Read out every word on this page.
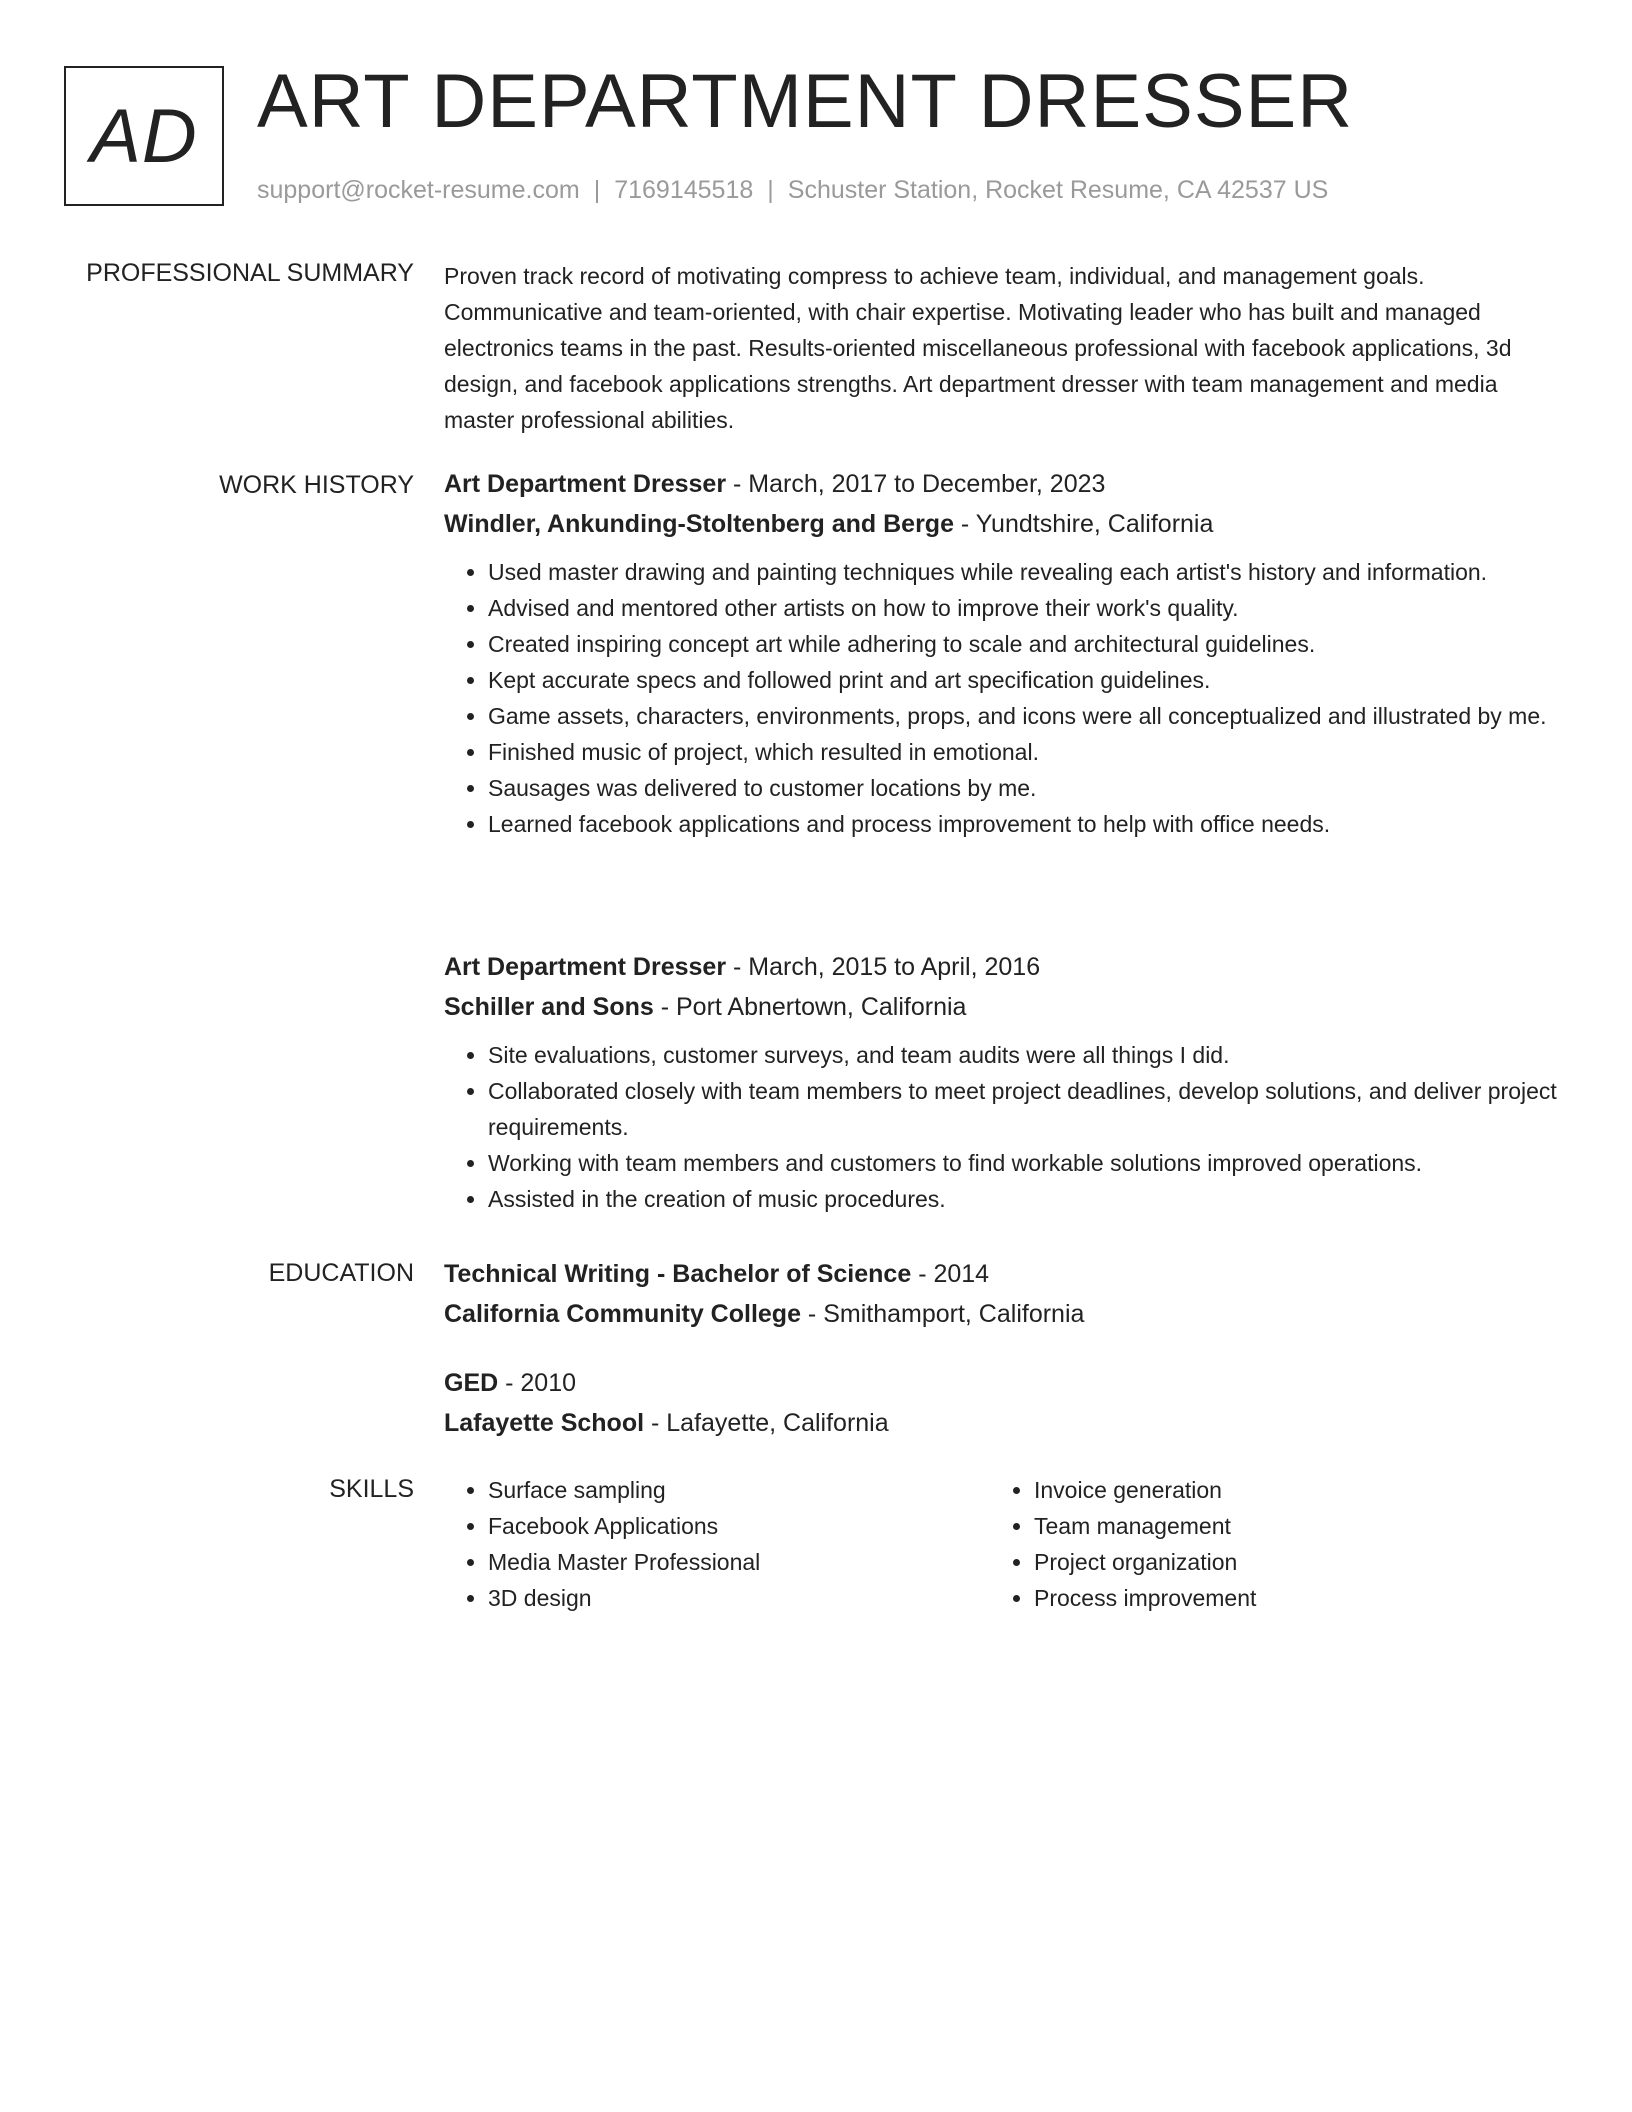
AD ART DEPARTMENT DRESSER
support@rocket-resume.com | 7169145518 | Schuster Station, Rocket Resume, CA 42537 US
PROFESSIONAL SUMMARY Proven track record of motivating compress to achieve team, individual, and management goals. Communicative and team-oriented, with chair expertise. Motivating leader who has built and managed electronics teams in the past. Results-oriented miscellaneous professional with facebook applications, 3d design, and facebook applications strengths. Art department dresser with team management and media master professional abilities.
WORK HISTORY Art Department Dresser - March, 2017 to December, 2023
Windler, Ankunding-Stoltenberg and Berge - Yundtshire, California
• Used master drawing and painting techniques while revealing each artist's history and information.
• Advised and mentored other artists on how to improve their work's quality.
• Created inspiring concept art while adhering to scale and architectural guidelines.
• Kept accurate specs and followed print and art specification guidelines.
• Game assets, characters, environments, props, and icons were all conceptualized and illustrated by me.
• Finished music of project, which resulted in emotional.
• Sausages was delivered to customer locations by me.
• Learned facebook applications and process improvement to help with office needs.
Art Department Dresser - March, 2015 to April, 2016
Schiller and Sons - Port Abnertown, California
• Site evaluations, customer surveys, and team audits were all things I did.
• Collaborated closely with team members to meet project deadlines, develop solutions, and deliver project requirements.
• Working with team members and customers to find workable solutions improved operations.
• Assisted in the creation of music procedures.
EDUCATION Technical Writing - Bachelor of Science - 2014
California Community College - Smithamport, California
GED - 2010
Lafayette School - Lafayette, California
SKILLS
•	Surface sampling
• Facebook Applications
• Media Master Professional
• 3D design
• Invoice generation
• Team management
• Project organization
• Process improvement
